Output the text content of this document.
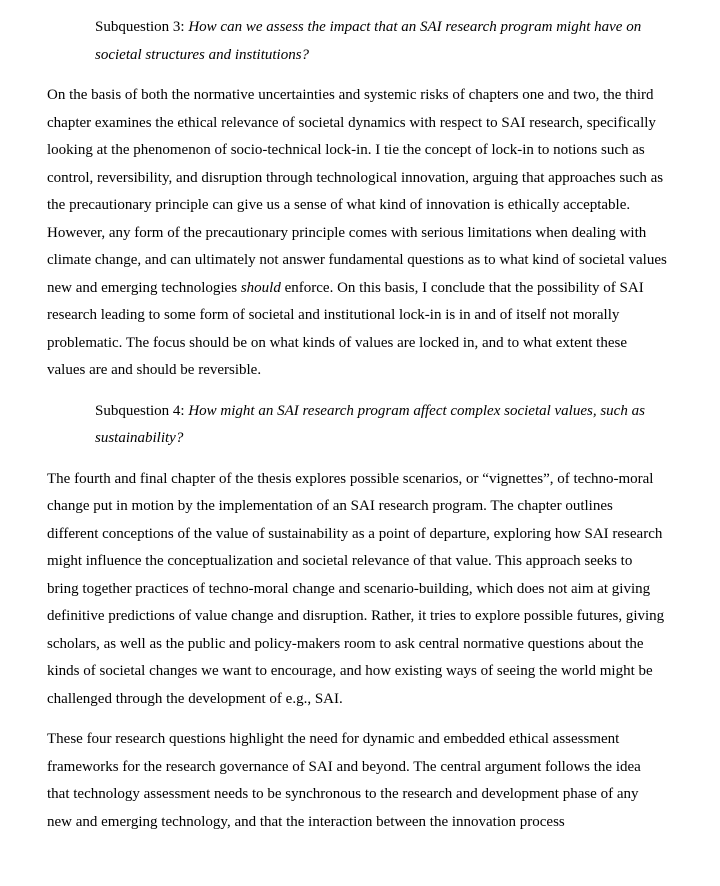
Subquestion 3: How can we assess the impact that an SAI research program might have on societal structures and institutions?

On the basis of both the normative uncertainties and systemic risks of chapters one and two, the third chapter examines the ethical relevance of societal dynamics with respect to SAI research, specifically looking at the phenomenon of socio-technical lock-in. I tie the concept of lock-in to notions such as control, reversibility, and disruption through technological innovation, arguing that approaches such as the precautionary principle can give us a sense of what kind of innovation is ethically acceptable. However, any form of the precautionary principle comes with serious limitations when dealing with climate change, and can ultimately not answer fundamental questions as to what kind of societal values new and emerging technologies should enforce. On this basis, I conclude that the possibility of SAI research leading to some form of societal and institutional lock-in is in and of itself not morally problematic. The focus should be on what kinds of values are locked in, and to what extent these values are and should be reversible.

Subquestion 4: How might an SAI research program affect complex societal values, such as sustainability?

The fourth and final chapter of the thesis explores possible scenarios, or “vignettes”, of techno-moral change put in motion by the implementation of an SAI research program. The chapter outlines different conceptions of the value of sustainability as a point of departure, exploring how SAI research might influence the conceptualization and societal relevance of that value. This approach seeks to bring together practices of techno-moral change and scenario-building, which does not aim at giving definitive predictions of value change and disruption. Rather, it tries to explore possible futures, giving scholars, as well as the public and policy-makers room to ask central normative questions about the kinds of societal changes we want to encourage, and how existing ways of seeing the world might be challenged through the development of e.g., SAI.

These four research questions highlight the need for dynamic and embedded ethical assessment frameworks for the research governance of SAI and beyond. The central argument follows the idea that technology assessment needs to be synchronous to the research and development phase of any new and emerging technology, and that the interaction between the innovation process
